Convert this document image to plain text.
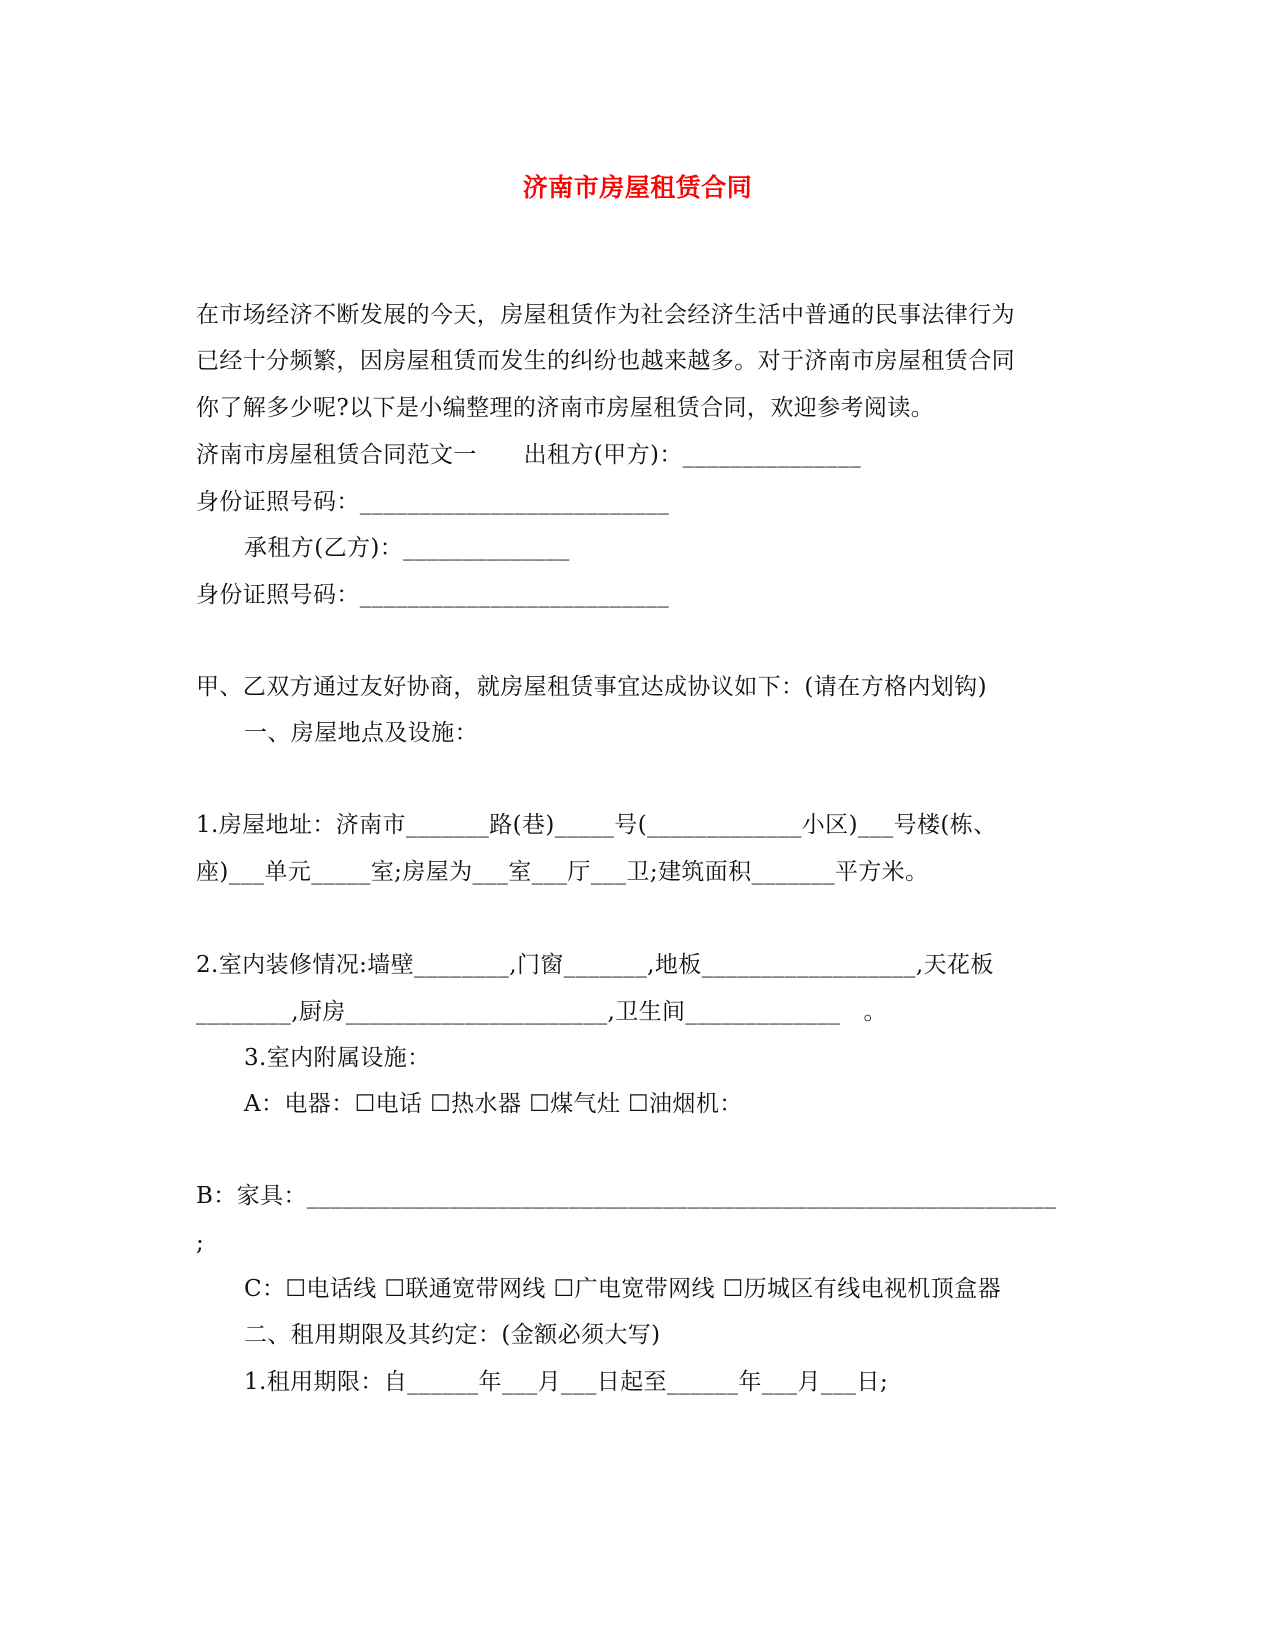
济南市房屋租赁合同
在市场经济不断发展的今天，房屋租赁作为社会经济生活中普通的民事法律行为
已经十分频繁，因房屋租赁而发生的纠纷也越来越多。对于济南市房屋租赁合同
你了解多少呢?以下是小编整理的济南市房屋租赁合同，欢迎参考阅读。
济南市房屋租赁合同范文一　　出租方(甲方)：_______________
身份证照号码：__________________________
承租方(乙方)：______________
身份证照号码：__________________________
甲、乙双方通过友好协商，就房屋租赁事宜达成协议如下：(请在方格内划钩)
一、房屋地点及设施：
1.房屋地址：济南市_______路(巷)_____号(_____________小区)___号楼(栋、
座)___单元_____室;房屋为___室___厅___卫;建筑面积_______平方米。
2.室内装修情况:墙壁________,门窗_______,地板__________________,天花板
________,厨房______________________,卫生间_____________　。
3.室内附属设施：
A：电器：☐电话 ☐热水器 ☐煤气灶 ☐油烟机：
B：家具：_______________________________________________________________
;
C：☐电话线 ☐联通宽带网线 ☐广电宽带网线 ☐历城区有线电视机顶盒器
二、租用期限及其约定：(金额必须大写)
1.租用期限：自______年___月___日起至______年___月___日;
